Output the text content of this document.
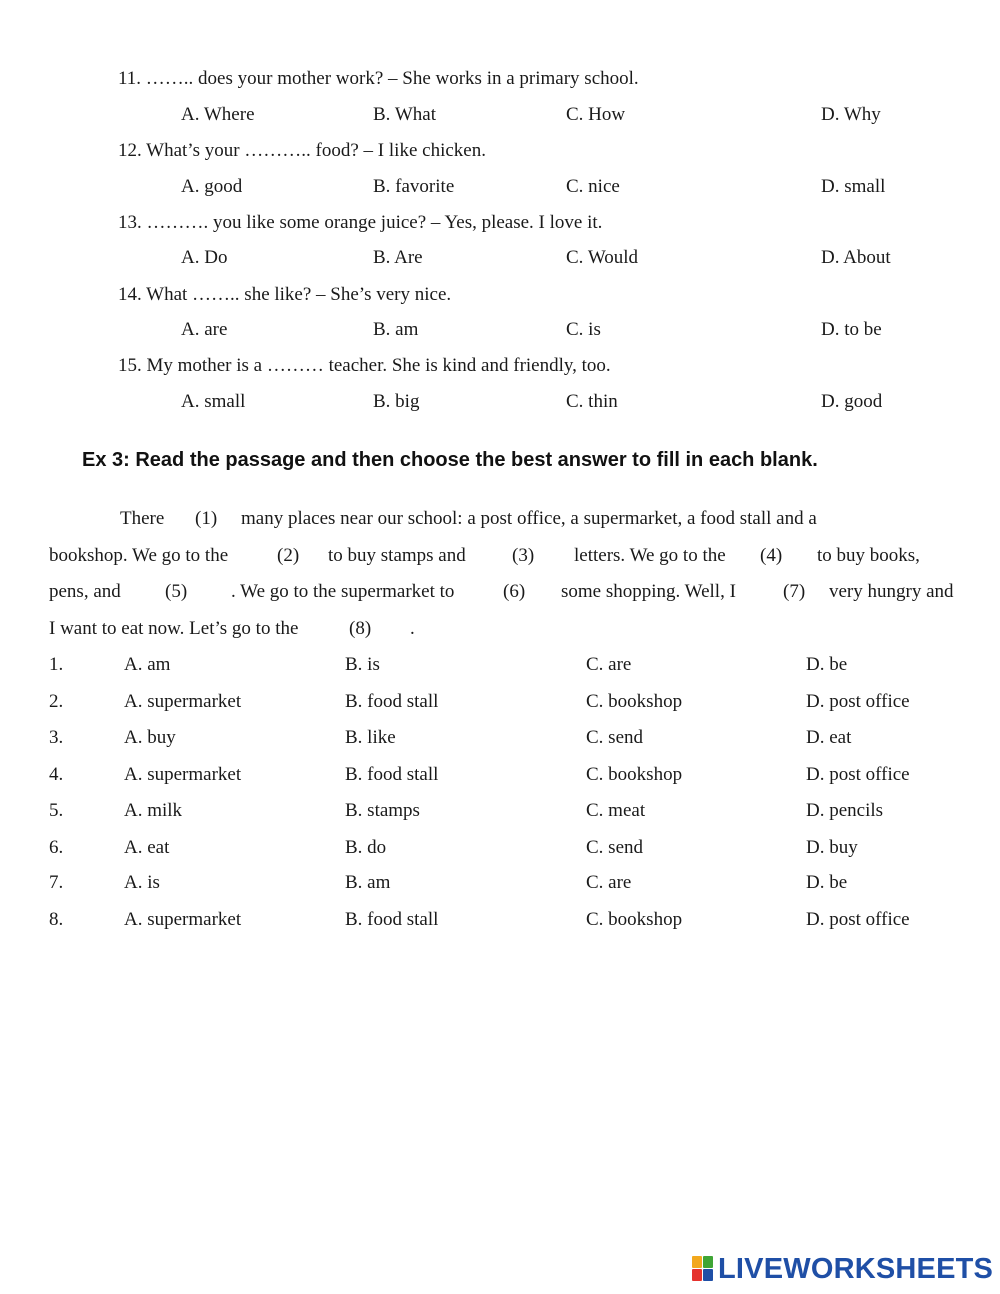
11. …….. does your mother work? – She works in a primary school.
A. Where	B. What	C. How	D. Why
12. What’s your ……….. food? – I like chicken.
A. good	B. favorite	C. nice	D. small
13. ………. you like some orange juice? – Yes, please. I love it.
A. Do	B. Are	C. Would	D. About
14. What …….. she like? – She’s very nice.
A. are	B. am	C. is	D. to be
15. My mother is a ……… teacher. She is kind and friendly, too.
A. small	B. big	C. thin	D. good
Ex 3: Read the passage and then choose the best answer to fill in each blank.
There (1) many places near our school: a post office, a supermarket, a food stall and a
bookshop. We go to the	(2) to buy stamps and (3) letters. We go to the (4) to buy books,
pens, and (5) . We go to the supermarket to	(6) some shopping. Well, I (7) very hungry and
I want to eat now. Let’s go to the	(8) .
1.	A. am	B. is	C. are	D. be
2.	A. supermarket	B. food stall	C. bookshop	D. post office
3.	A. buy	B. like	C. send	D. eat
4.	A. supermarket	B. food stall	C. bookshop	D. post office
5.	A. milk	B. stamps	C. meat	D. pencils
6.	A. eat	B. do	C. send	D. buy
7.	A. is	B. am	C. are	D. be
8.	A. supermarket	B. food stall	C. bookshop	D. post office
LIVEWORKSHEETS
